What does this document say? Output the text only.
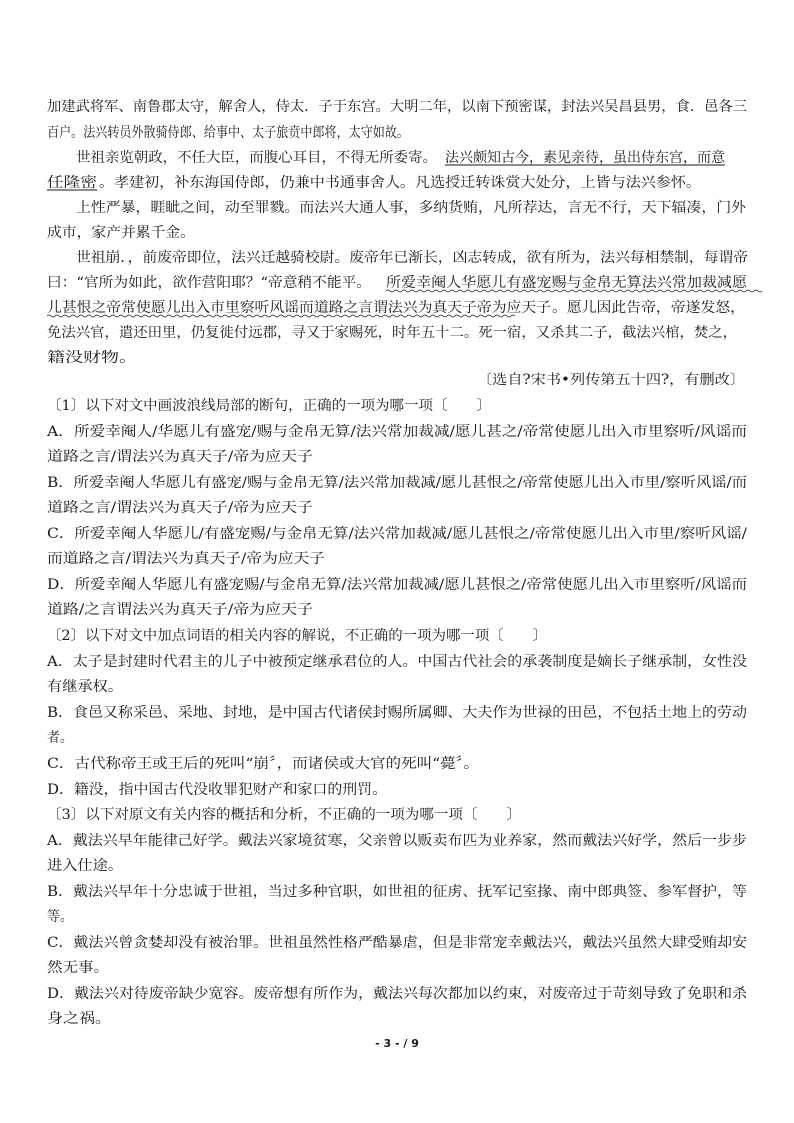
加建武将军、南鲁郡太守，解舍人，侍太．子于东宫。大明二年，以南下预密谋，封法兴吴昌县男，食．邑各三
百户。法兴转员外散骑侍郎、给事中、太子旅贲中郎将，太守如故。
世祖亲览朝政，不任大臣，而腹心耳目，不得无所委寄。	法兴颇知古今，素见亲待，虽出侍东宫，而意
任隆密 。孝建初，补东海国侍郎，仍兼中书通事舍人。凡选授迁转诛赏大处分，上皆与法兴参怀。
上性严暴，睚眦之间，动至罪戮。而法兴大通人事，多纳货贿，凡所荐达，言无不行，天下辐凑，门外
成市，家产并累千金。
世祖崩．，前废帝即位，法兴迁越骑校尉。废帝年已渐长，凶志转成，欲有所为，法兴每相禁制，每谓帝
曰：“官所为如此，欲作营阳耶？“帝意稍不能平。	所爱幸阉人华愿儿有盛宠赐与金帛无算法兴常加裁减愿
儿甚恨之帝常使愿儿出入市里察听风谣而道路之言谓法兴为真天子帝为应天子	。愿儿因此告帝，帝遂发怒，
免法兴官，遣还田里，仍复徙付远郡，寻又于家赐死，时年五十二。死一宿，又杀其二子，截法兴棺，焚之，
籍没财物。
〔选自?宋书•列传第五十四?，有删改〕
〔1〕以下对文中画波浪线局部的断句，正确的一项为哪一项〔　　〕
A．所爱幸阉人/华愿儿有盛宠/赐与金帛无算/法兴常加裁减/愿儿甚之/帝常使愿儿出入市里察听/风谣而
道路之言/谓法兴为真天子/帝为应天子
B．所爱幸阉人华愿儿有盛宠/赐与金帛无算/法兴常加裁减/愿儿甚恨之/帝常使愿儿出入市里/察听风谣/而
道路之言/谓法兴为真天子/帝为应天子
C．所爱幸阉人华愿儿/有盛宠赐/与金帛无算/法兴常加裁减/愿儿甚恨之/帝常使愿儿出入市里/察听风谣/
而道路之言/谓法兴为真天子/帝为应天子
D．所爱幸阉人华愿儿有盛宠赐/与金帛无算/法兴常加裁减/愿儿甚恨之/帝常使愿儿出入市里察听/风谣而
道路/之言谓法兴为真天子/帝为应天子
〔2〕以下对文中加点词语的相关内容的解说，不正确的一项为哪一项〔　　〕
A．太子是封建时代君主的儿子中被预定继承君位的人。中国古代社会的承袭制度是嫡长子继承制，女性没
有继承权。
B．食邑又称采邑、采地、封地，是中国古代诸侯封赐所属卿、大夫作为世禄的田邑，不包括土地上的劳动
者。
C．古代称帝王或王后的死叫“崩〞，而诸侯或大官的死叫“薨〞。
D．籍没，指中国古代没收罪犯财产和家口的刑罚。
〔3〕以下对原文有关内容的概括和分析，不正确的一项为哪一项〔　　〕
A．戴法兴早年能律己好学。戴法兴家境贫寒，父亲曾以贩卖布匹为业养家，然而戴法兴好学，然后一步步
进入仕途。
B．戴法兴早年十分忠诚于世祖，当过多种官职，如世祖的征虏、抚军记室掾、南中郎典签、参军督护，等
等。
C．戴法兴曾贪婪却没有被治罪。世祖虽然性格严酷暴虐，但是非常宠幸戴法兴，戴法兴虽然大肆受贿却安
然无事。
D．戴法兴对待废帝缺少宽容。废帝想有所作为，戴法兴每次都加以约束，对废帝过于苛刻导致了免职和杀
身之祸。
- 3 - / 9
